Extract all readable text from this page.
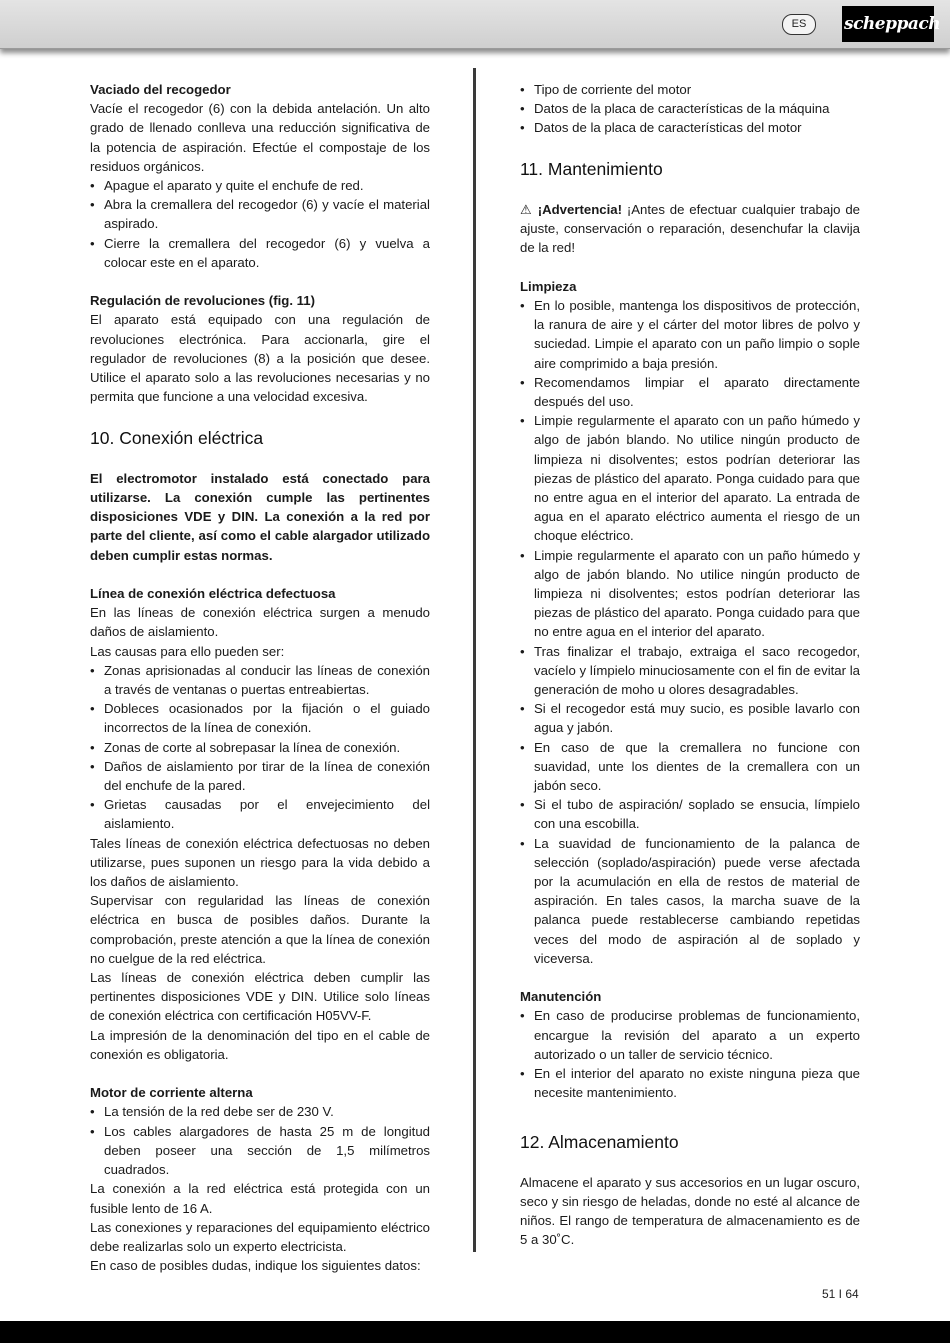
ES	scheppach

Vaciado del recogedor

Vacíe el recogedor (6) con la debida antelación. Un alto grado de llenado conlleva una reducción significativa de la potencia de aspiración. Efectúe el compostaje de los residuos orgánicos.

• Apague el aparato y quite el enchufe de red.
• Abra la cremallera del recogedor (6) y vacíe el material aspirado.
• Cierre la cremallera del recogedor (6) y vuelva a colocar este en el aparato.

Regulación de revoluciones (fig. 11)

El aparato está equipado con una regulación de revoluciones electrónica. Para accionarla, gire el regulador de revoluciones (8) a la posición que desee. Utilice el aparato solo a las revoluciones necesarias y no permita que funcione a una velocidad excesiva.

10. Conexión eléctrica

El electromotor instalado está conectado para utilizarse. La conexión cumple las pertinentes disposiciones VDE y DIN. La conexión a la red por parte del cliente, así como el cable alargador utilizado deben cumplir estas normas.

Línea de conexión eléctrica defectuosa

En las líneas de conexión eléctrica surgen a menudo daños de aislamiento.

Las causas para ello pueden ser:

• Zonas aprisionadas al conducir las líneas de conexión a través de ventanas o puertas entreabiertas.
• Dobleces ocasionados por la fijación o el guiado incorrectos de la línea de conexión.
• Zonas de corte al sobrepasar la línea de conexión.
• Daños de aislamiento por tirar de la línea de conexión del enchufe de la pared.
• Grietas causadas por el envejecimiento del aislamiento.

Tales líneas de conexión eléctrica defectuosas no deben utilizarse, pues suponen un riesgo para la vida debido a los daños de aislamiento.

Supervisar con regularidad las líneas de conexión eléctrica en busca de posibles daños. Durante la comprobación, preste atención a que la línea de conexión no cuelgue de la red eléctrica.

Las líneas de conexión eléctrica deben cumplir las pertinentes disposiciones VDE y DIN. Utilice solo líneas de conexión eléctrica con certificación H05VV-F.

La impresión de la denominación del tipo en el cable de conexión es obligatoria.

Motor de corriente alterna

• La tensión de la red debe ser de 230 V.
• Los cables alargadores de hasta 25 m de longitud deben poseer una sección de 1,5 milímetros cuadrados.

La conexión a la red eléctrica está protegida con un fusible lento de 16 A.

Las conexiones y reparaciones del equipamiento eléctrico debe realizarlas solo un experto electricista.

En caso de posibles dudas, indique los siguientes datos:

• Tipo de corriente del motor
• Datos de la placa de características de la máquina
• Datos de la placa de características del motor
11. Mantenimiento

⚠ ¡Advertencia! ¡Antes de efectuar cualquier trabajo de ajuste, conservación o reparación, desenchufar la clavija de la red!

Limpieza

• En lo posible, mantenga los dispositivos de protección, la ranura de aire y el cárter del motor libres de polvo y suciedad. Limpie el aparato con un paño limpio o sople aire comprimido a baja presión.
• Recomendamos limpiar el aparato directamente después del uso.
• Limpie regularmente el aparato con un paño húmedo y algo de jabón blando. No utilice ningún producto de limpieza ni disolventes; estos podrían deteriorar las piezas de plástico del aparato. Ponga cuidado para que no entre agua en el interior del aparato. La entrada de agua en el aparato eléctrico aumenta el riesgo de un choque eléctrico.
• Limpie regularmente el aparato con un paño húmedo y algo de jabón blando. No utilice ningún producto de limpieza ni disolventes; estos podrían deteriorar las piezas de plástico del aparato. Ponga cuidado para que no entre agua en el interior del aparato.
• Tras finalizar el trabajo, extraiga el saco recogedor, vacíelo y límpielo minuciosamente con el fin de evitar la generación de moho u olores desagradables.
• Si el recogedor está muy sucio, es posible lavarlo con agua y jabón.
• En caso de que la cremallera no funcione con suavidad, unte los dientes de la cremallera con un jabón seco.
• Si el tubo de aspiración/ soplado se ensucia, límpielo con una escobilla.
• La suavidad de funcionamiento de la palanca de selección (soplado/aspiración) puede verse afectada por la acumulación en ella de restos de material de aspiración. En tales casos, la marcha suave de la palanca puede restablecerse cambiando repetidas veces del modo de aspiración al de soplado y viceversa.

Manutención

• En caso de producirse problemas de funcionamiento, encargue la revisión del aparato a un experto autorizado o un taller de servicio técnico.
• En el interior del aparato no existe ninguna pieza que necesite mantenimiento.
12. Almacenamiento

Almacene el aparato y sus accesorios en un lugar oscuro, seco y sin riesgo de heladas, donde no esté al alcance de niños. El rango de temperatura de almacenamiento es de 5 a 30˚C.

51 I 64
